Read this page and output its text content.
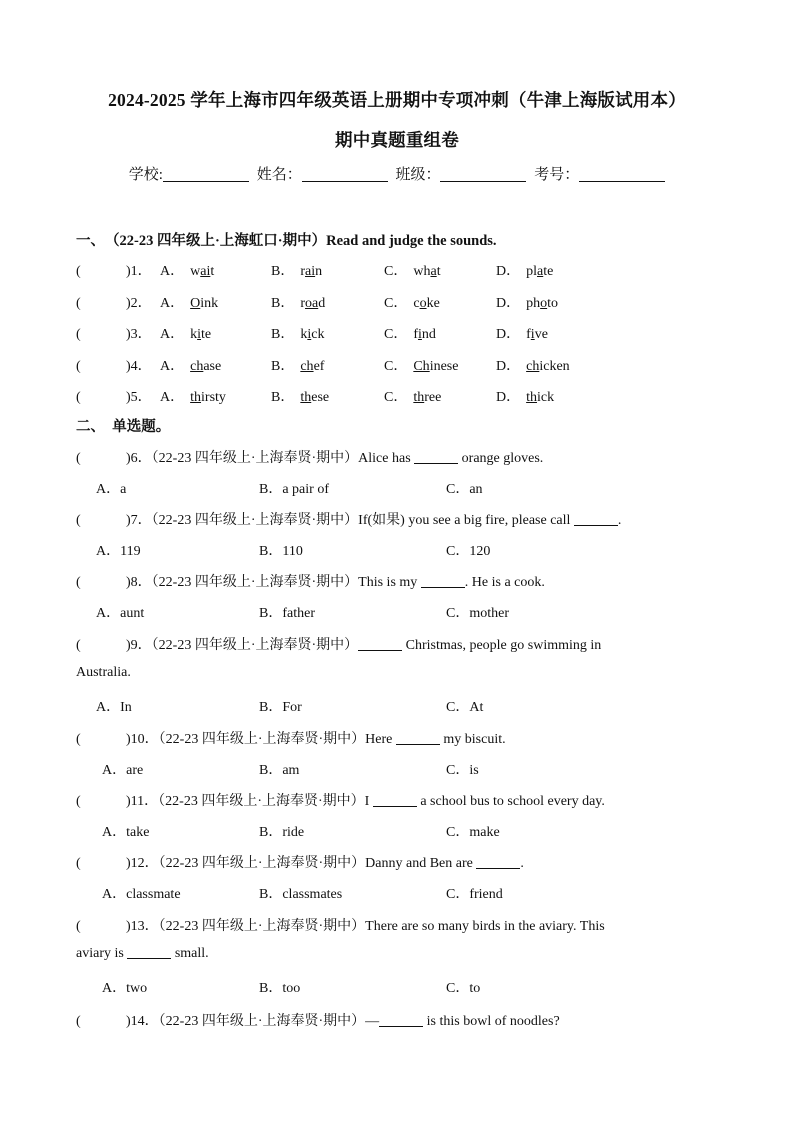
2024-2025 学年上海市四年级英语上册期中专项冲刺（牛津上海版试用本）
期中真题重组卷
学校:	姓名：	班级：	考号：
一、　（22-23 四年级上·上海虹口·期中）Read and judge the sounds.
(	)1． A． wait	B． rain	C． what	D． plate
(	)2． A． Oink	B． road	C． coke	D． photo
(	)3． A． kite	B． kick	C． find	D． five
(	)4． A． chase	B． chef	C． Chinese	D． chicken
(	)5． A． thirsty	B． these	C． three	D． thick
二、　单选题。
(	)6．（22-23 四年级上·上海奉贤·期中）Alice has	orange gloves.
A．a	B．a pair of	C．an
(	)7．（22-23 四年级上·上海奉贤·期中）If(如果) you see a big fire, please call	.
A．119	B．110	C．120
(	)8．（22-23 四年级上·上海奉贤·期中）This is my	. He is a cook.
A．aunt	B．father	C．mother
(	)9．（22-23 四年级上·上海奉贤·期中）	Christmas, people go swimming in
Australia.
A．In	B．For	C．At
(	)10．（22-23 四年级上·上海奉贤·期中）Here	my biscuit.
A．are	B．am	C．is
(	)11．（22-23 四年级上·上海奉贤·期中）I	a school bus to school every day.
A．take	B．ride	C．make
(	)12．（22-23 四年级上·上海奉贤·期中）Danny and Ben are	.
A．classmate	B．classmates	C．friend
(	)13．（22-23 四年级上·上海奉贤·期中）There are so many birds in the aviary. This
aviary is	small.
A．two	B．too	C．to
(	)14．（22-23 四年级上·上海奉贤·期中）—	is this bowl of noodles?
